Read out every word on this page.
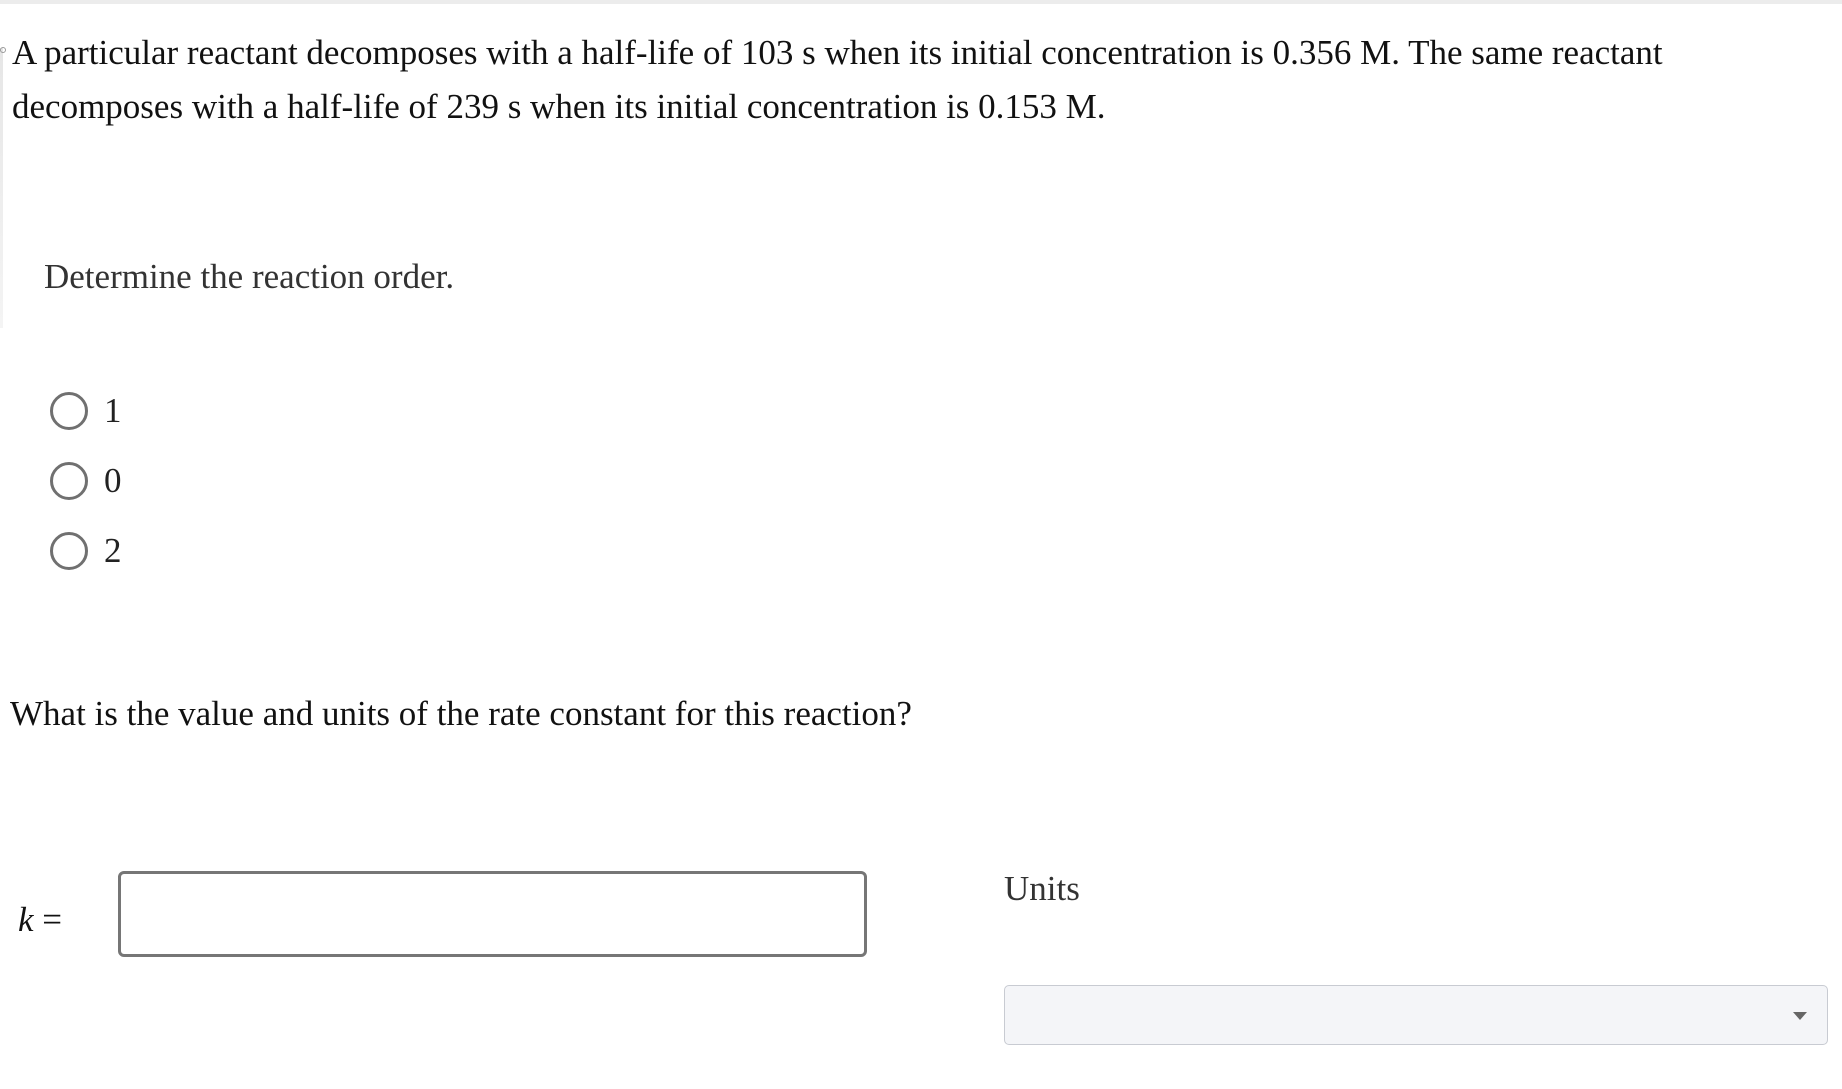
A particular reactant decomposes with a half-life of 103 s when its initial concentration is 0.356 M. The same reactant decomposes with a half-life of 239 s when its initial concentration is 0.153 M.

Determine the reaction order.

1
0
2

What is the value and units of the rate constant for this reaction?

k =

Units
